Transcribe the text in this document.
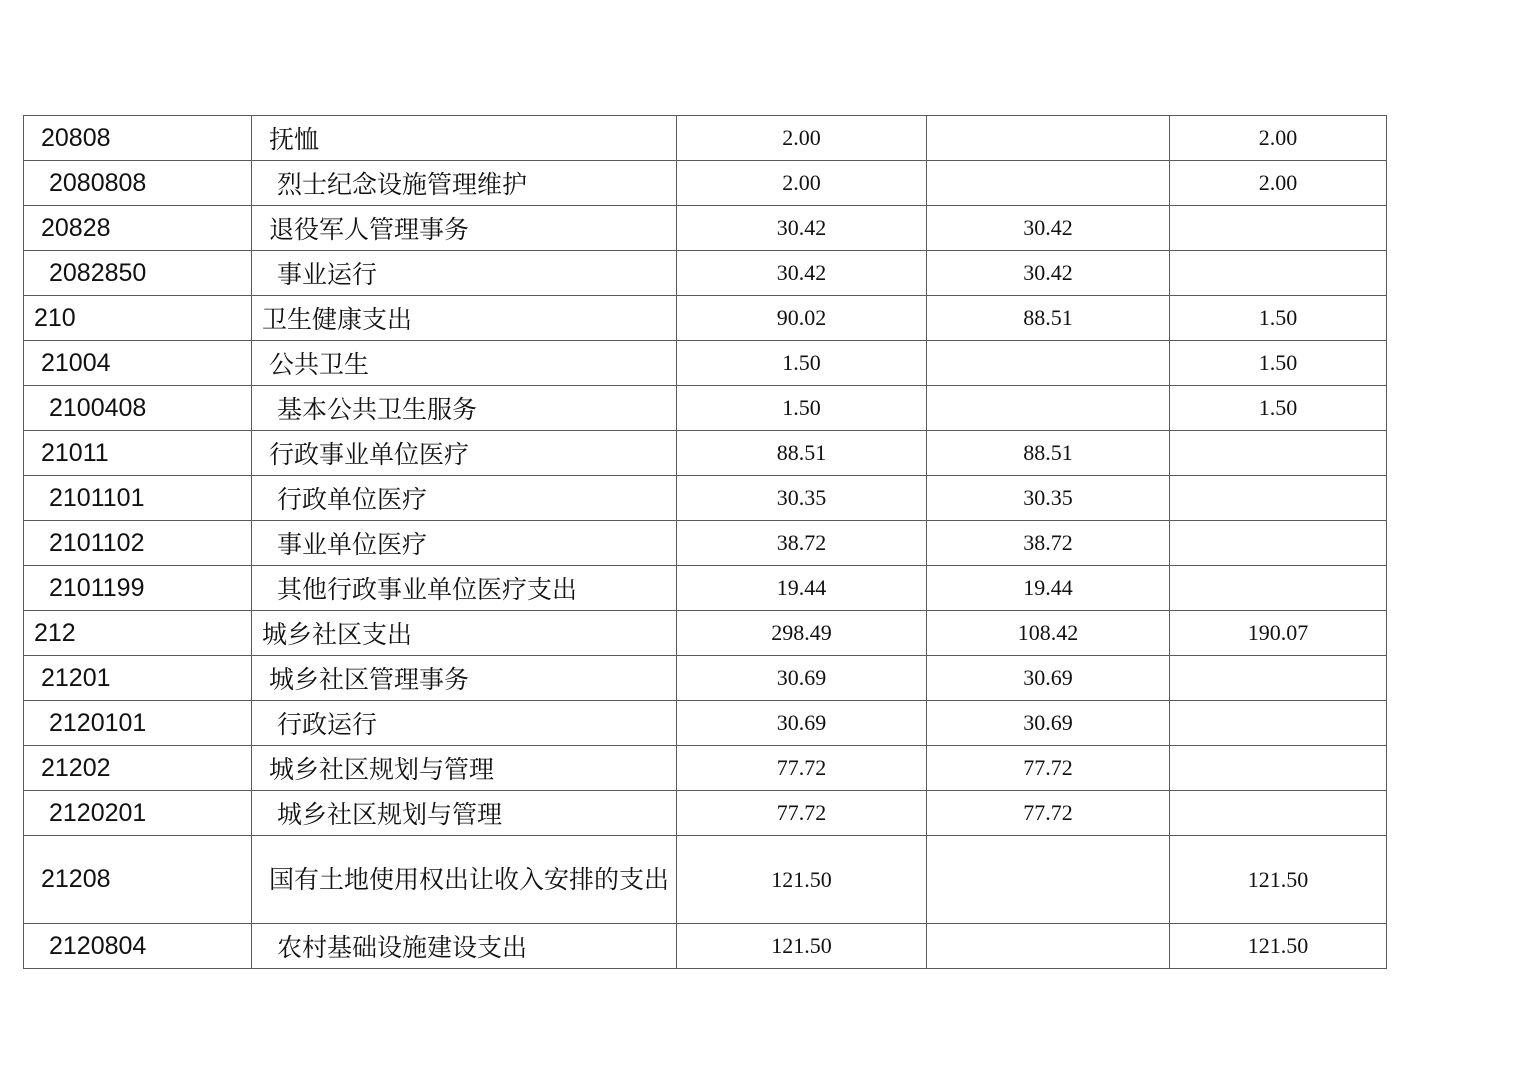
20808	抚恤	2.00		2.00
2080808	烈士纪念设施管理维护	2.00		2.00
20828	退役军人管理事务	30.42	30.42	
2082850	事业运行	30.42	30.42	
210	卫生健康支出	90.02	88.51	1.50
21004	公共卫生	1.50		1.50
2100408	基本公共卫生服务	1.50		1.50
21011	行政事业单位医疗	88.51	88.51	
2101101	行政单位医疗	30.35	30.35	
2101102	事业单位医疗	38.72	38.72	
2101199	其他行政事业单位医疗支出	19.44	19.44	
212	城乡社区支出	298.49	108.42	190.07
21201	城乡社区管理事务	30.69	30.69	
2120101	行政运行	30.69	30.69	
21202	城乡社区规划与管理	77.72	77.72	
2120201	城乡社区规划与管理	77.72	77.72	
21208	国有土地使用权出让收入安排的支出	121.50		121.50
2120804	农村基础设施建设支出	121.50		121.50
